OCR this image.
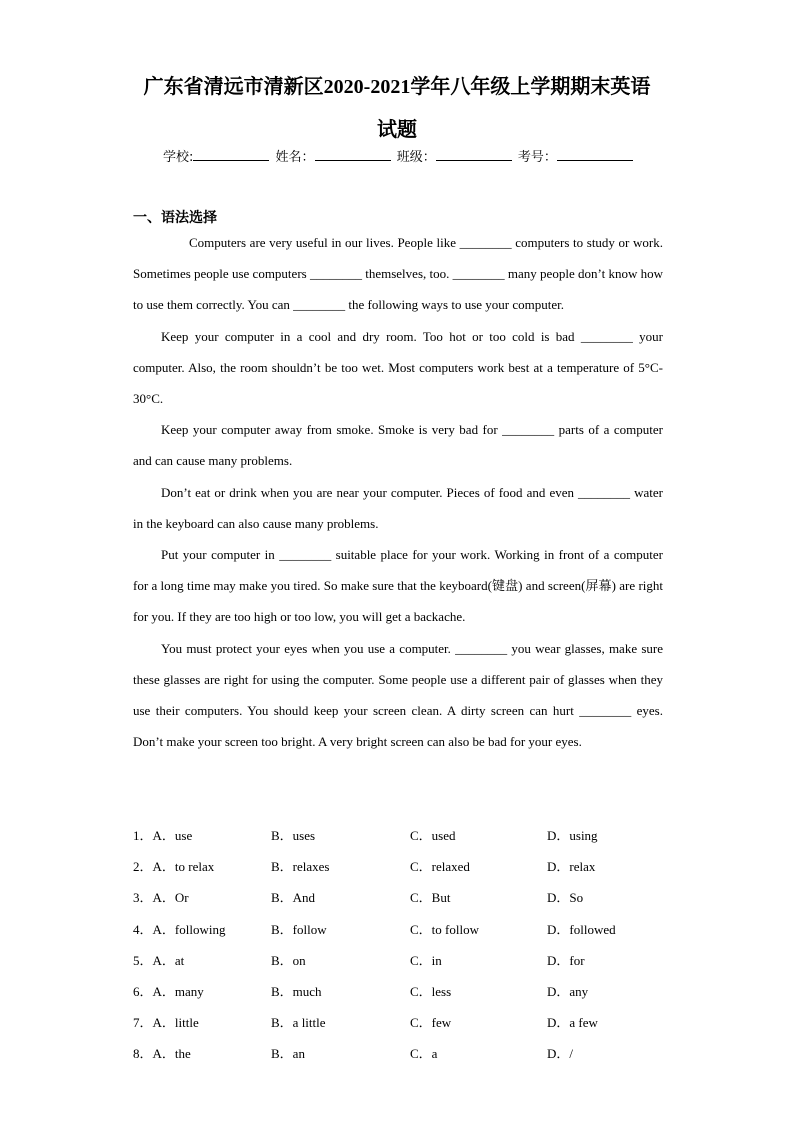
广东省清远市清新区2020-2021学年八年级上学期期末英语
试题
学校:	姓名：	班级：	考号：
一、语法选择

Computers are very useful in our lives. People like ________ computers to study or work. Sometimes people use computers ________ themselves, too. ________ many people don’t know how to use them correctly. You can ________ the following ways to use your computer.

Keep your computer in a cool and dry room. Too hot or too cold is bad ________ your computer. Also, the room shouldn’t be too wet. Most computers work best at a temperature of 5°C-30°C.

Keep your computer away from smoke. Smoke is very bad for ________ parts of a computer and can cause many problems.

Don’t eat or drink when you are near your computer. Pieces of food and even ________ water in the keyboard can also cause many problems.

Put your computer in ________ suitable place for your work. Working in front of a computer for a long time may make you tired. So make sure that the keyboard(键盘) and screen(屏幕) are right for you. If they are too high or too low, you will get a backache.

You must protect your eyes when you use a computer. ________ you wear glasses, make sure these glasses are right for using the computer. Some people use a different pair of glasses when they use their computers. You should keep your screen clean. A dirty screen can hurt ________ eyes. Don’t make your screen too bright. A very bright screen can also be bad for your eyes.

1．A．use	B．uses	C．used	D．using
2．A．to relax	B．relaxes	C．relaxed	D．relax
3．A．Or	B．And	C．But	D．So
4．A．following	B．follow	C．to follow	D．followed
5．A．at	B．on	C．in	D．for
6．A．many	B．much	C．less	D．any
7．A．little	B．a little	C．few	D．a few
8．A．the	B．an	C．a	D．/
